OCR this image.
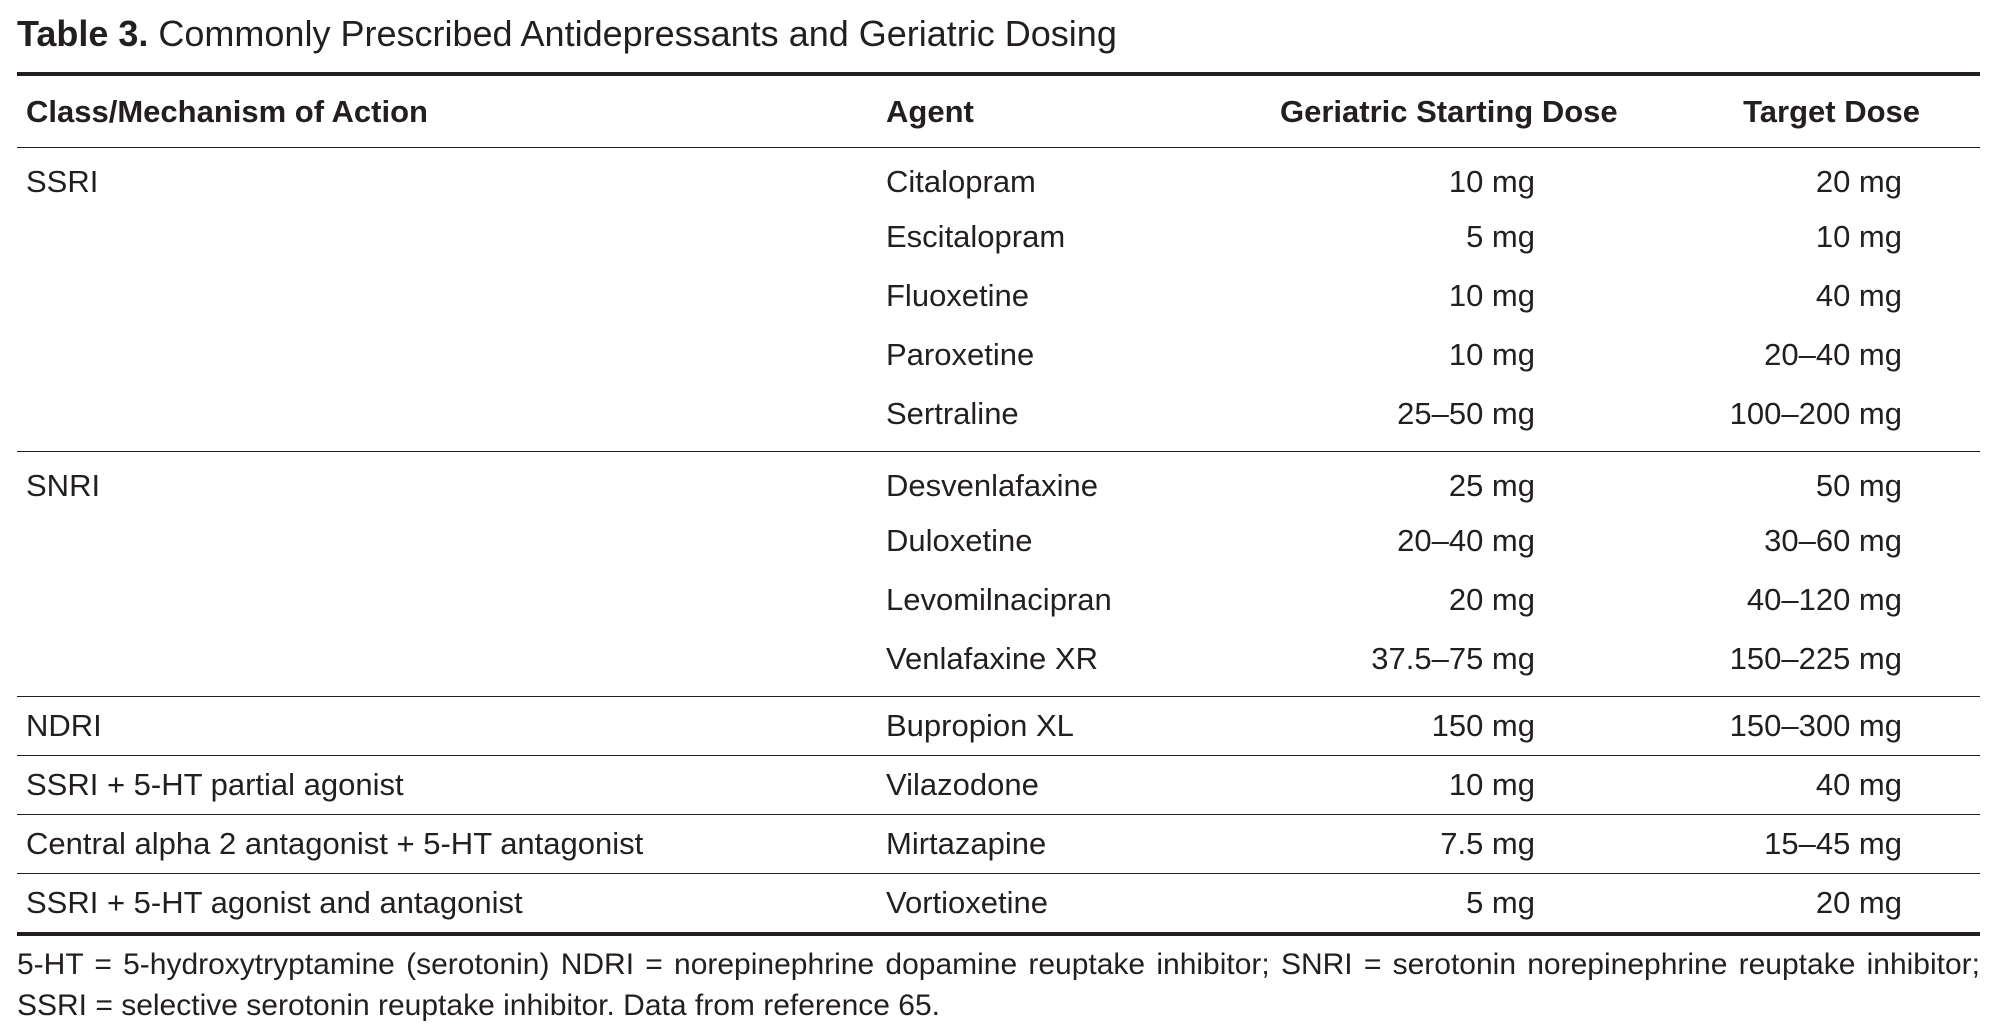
Table 3. Commonly Prescribed Antidepressants and Geriatric Dosing
Class/Mechanism of Action	Agent	Geriatric Starting Dose	Target Dose
SSRI	Citalopram	10 mg	20 mg
	Escitalopram	5 mg	10 mg
	Fluoxetine	10 mg	40 mg
	Paroxetine	10 mg	20–40 mg
	Sertraline	25–50 mg	100–200 mg
SNRI	Desvenlafaxine	25 mg	50 mg
	Duloxetine	20–40 mg	30–60 mg
	Levomilnacipran	20 mg	40–120 mg
	Venlafaxine XR	37.5–75 mg	150–225 mg
NDRI	Bupropion XL	150 mg	150–300 mg
SSRI + 5-HT partial agonist	Vilazodone	10 mg	40 mg
Central alpha 2 antagonist + 5-HT antagonist	Mirtazapine	7.5 mg	15–45 mg
SSRI + 5-HT agonist and antagonist	Vortioxetine	5 mg	20 mg
5-HT = 5-hydroxytryptamine (serotonin) NDRI = norepinephrine dopamine reuptake inhibitor; SNRI = serotonin norepinephrine reuptake inhibitor; SSRI = selective serotonin reuptake inhibitor. Data from reference 65.
